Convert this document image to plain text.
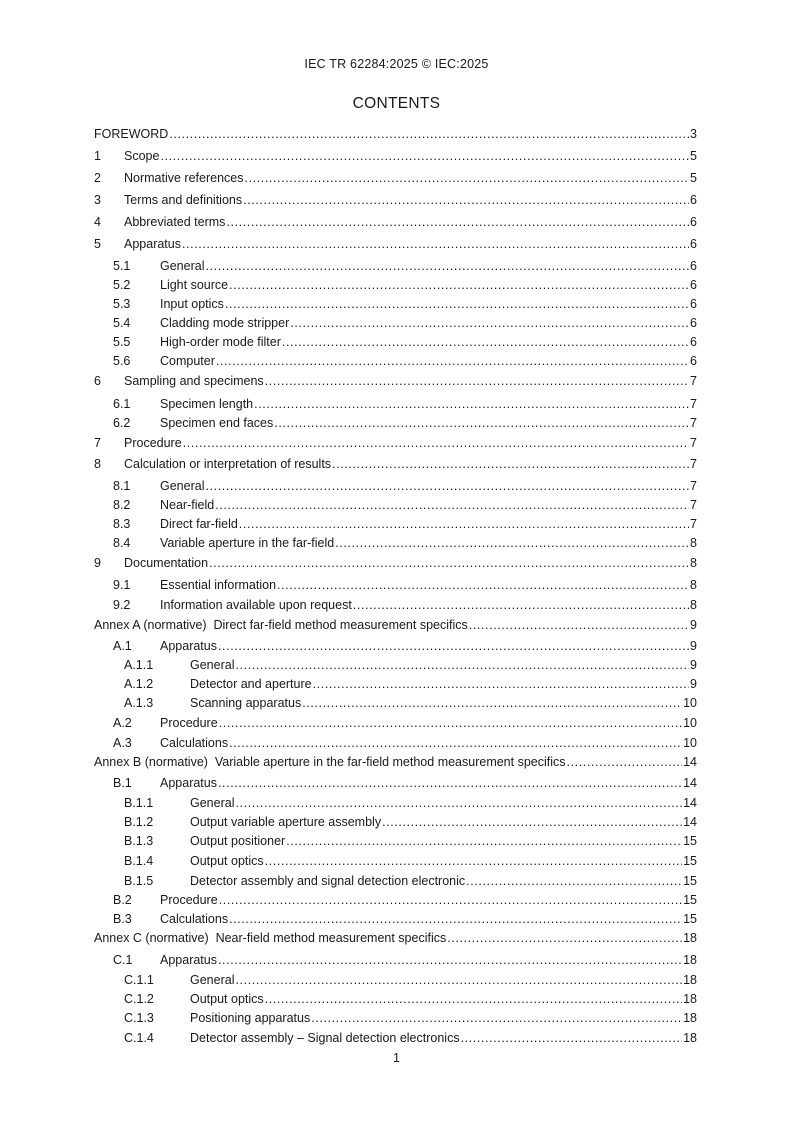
IEC TR 62284:2025 © IEC:2025
CONTENTS
FOREWORD .....	3
1	Scope .....	5
2	Normative references .....	5
3	Terms and definitions .....	6
4	Abbreviated terms .....	6
5	Apparatus .....	6
5.1	General .....	6
5.2	Light source .....	6
5.3	Input optics .....	6
5.4	Cladding mode stripper .....	6
5.5	High-order mode filter .....	6
5.6	Computer .....	6
6	Sampling and specimens .....	7
6.1	Specimen length .....	7
6.2	Specimen end faces .....	7
7	Procedure .....	7
8	Calculation or interpretation of results .....	7
8.1	General .....	7
8.2	Near-field .....	7
8.3	Direct far-field .....	7
8.4	Variable aperture in the far-field .....	8
9	Documentation .....	8
9.1	Essential information .....	8
9.2	Information available upon request .....	8
Annex A (normative)  Direct far-field method measurement specifics .....	9
A.1	Apparatus .....	9
A.1.1	General .....	9
A.1.2	Detector and aperture .....	9
A.1.3	Scanning apparatus .....	10
A.2	Procedure .....	10
A.3	Calculations .....	10
Annex B (normative)  Variable aperture in the far-field method measurement specifics .....	14
B.1	Apparatus .....	14
B.1.1	General .....	14
B.1.2	Output variable aperture assembly .....	14
B.1.3	Output positioner .....	15
B.1.4	Output optics .....	15
B.1.5	Detector assembly and signal detection electronic .....	15
B.2	Procedure .....	15
B.3	Calculations .....	15
Annex C (normative)  Near-field method measurement specifics .....	18
C.1	Apparatus .....	18
C.1.1	General .....	18
C.1.2	Output optics .....	18
C.1.3	Positioning apparatus .....	18
C.1.4	Detector assembly – Signal detection electronics .....	18
1
